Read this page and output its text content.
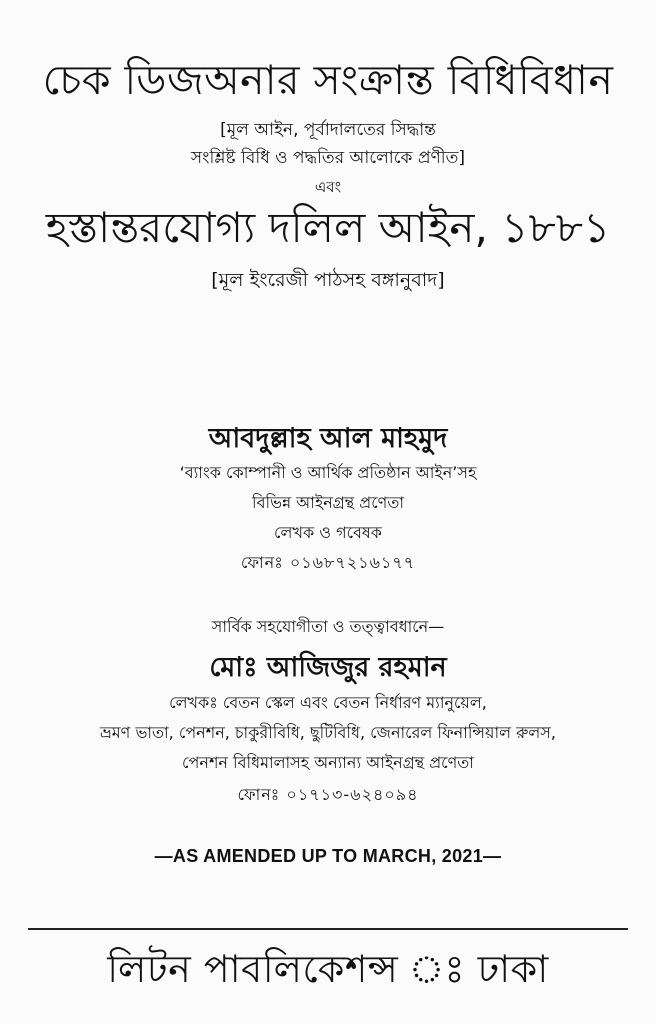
চেক ডিজঅনার সংক্রান্ত বিধিবিধান
[মূল আইন, পূর্বাদালতের সিদ্ধান্ত
সংশ্লিষ্ট বিধি ও পদ্ধতির আলোকে প্রণীত]
এবং
হস্তান্তরযোগ্য দলিল আইন, ১৮৮১
[মূল ইংরেজী পাঠসহ বঙ্গানুবাদ]
আবদুল্লাহ আল মাহমুদ
‘ব্যাংক কোম্পানী ও আর্থিক প্রতিষ্ঠান আইন’সহ
বিভিন্ন আইনগ্রন্থ প্রণেতা
লেখক ও গবেষক
ফোনঃ ০১৬৮৭২১৬১৭৭
সার্বিক সহযোগীতা ও তত্ত্বাবধানে—
মোঃ আজিজুর রহমান
লেখকঃ বেতন স্কেল এবং বেতন নির্ধারণ ম্যানুয়েল,
ভ্রমণ ভাতা, পেনশন, চাকুরীবিধি, ছুটিবিধি, জেনারেল ফিনান্সিয়াল রুলস,
পেনশন বিধিমালাসহ অন্যান্য আইনগ্রন্থ প্রণেতা
ফোনঃ ০১৭১৩-৬২৪০৯৪
—AS AMENDED UP TO MARCH, 2021—
লিটন পাবলিকেশন্স ঃ ঢাকা
